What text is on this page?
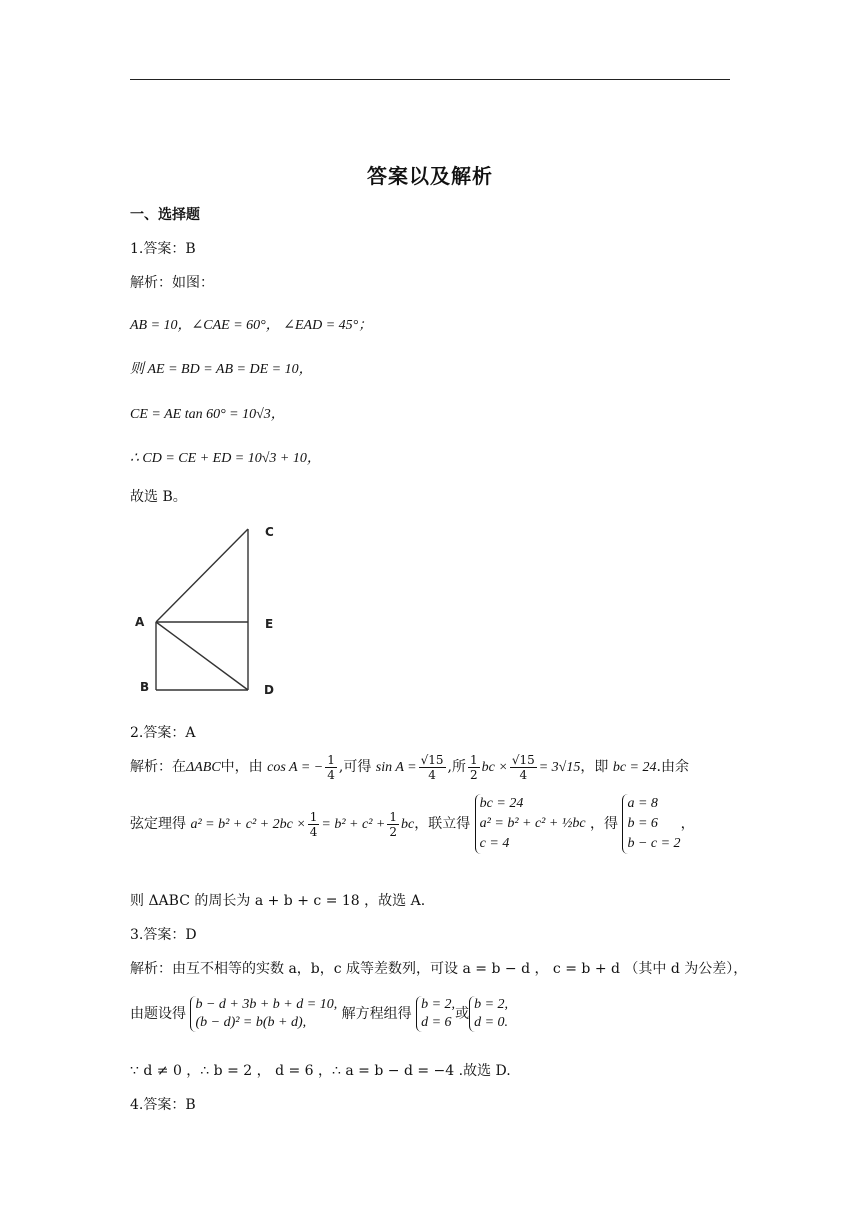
答案以及解析
一、选择题
1.答案：B
解析：如图：
AB = 10，∠CAE = 60°， ∠EAD = 45°；
则 AE = BD = AB = DE = 10，
CE = AE tan 60° = 10√3，
∴ CD = CE + ED = 10√3 + 10，
故选 B。
C
A	E
B	D
2.答案：A
解析：在ΔABC中，由 cos A = − $\frac{1}{4}$ ,可得 $\sin A = \frac{√15}{4}$ ,所 $\frac{1}{2}$ bc × $\frac{√15}{4} = 3√15$，即 bc = 24.由余
弦定理得 $a^2 = b^2 + c^2 + 2bc \times \frac{1}{4} = b^2 + c^2 + \frac{1}{2}$ bc，联立得
bc = 24
a² = b² + c² + ½bc
c = 4
，得
a = 8
b = 6
b − c = 2
，
则 ΔABC 的周长为 a + b + c = 18 ，故选 A.
3.答案：D
解析：由互不相等的实数 a，b，c 成等差数列，可设 a = b − d ， c = b + d （其中 d 为公差），
由题设得
b − d + 3b + b + d = 10,
(b − d)² = b(b + d),
解方程组得
b = 2,
d = 6
或
b = 2,
d = 0.
∵ d ≠ 0 ，∴ b = 2 ， d = 6 ，∴ a = b − d = −4 .故选 D.
4.答案：B
